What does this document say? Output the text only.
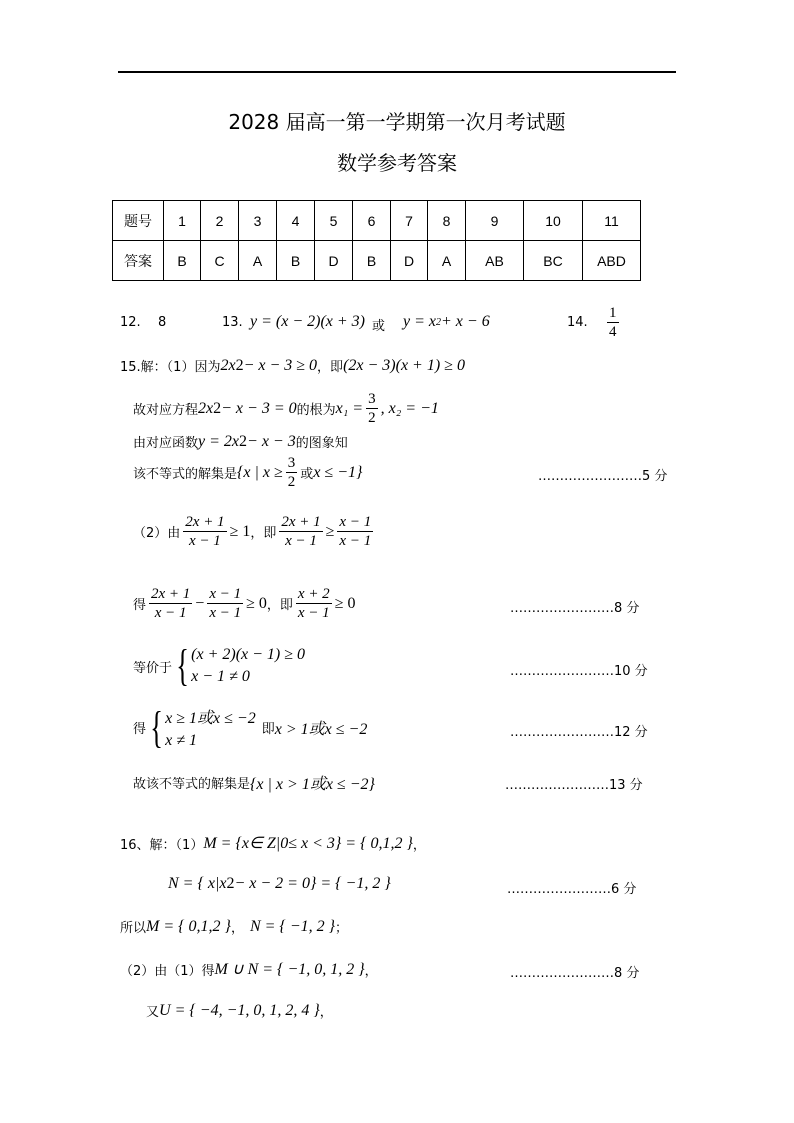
2028 届高一第一学期第一次月考试题
数学参考答案
题号	1	2	3	4	5	6	7	8	9	10	11
答案	B	C	A	B	D	B	D	A	AB	BC	ABD
12. 8	13. y = (x − 2)(x + 3) 或 y = x 2 + x − 6	14.
1
4
15.解：（1）因为 2x 2 − x − 3 ≥ 0 ，即 (2x − 3)(x + 1) ≥ 0
故对应方程 2x 2 − x − 3 = 0 的根为 $x_1 = \frac{3}{2}$ , x₂ = −1
由对应函数 y = 2x 2 − x − 3 的图象知
该不等式的解集是 {x | $x \ge \frac{3}{2}$ 或 x ≤ −1}	……………………5 分
（2）由 $\frac{2x + 1}{x - 1} \ge 1$ ，即 $\frac{2x + 1}{x - 1} \ge \frac{x - 1}{x - 1}$
得
2x + 1
x − 1
− $\frac{x - 1}{x - 1} \ge 0$ ，即 $\frac{x + 2}{x - 1} \ge 0$	……………………8 分
等价于 { (x + 2)(x − 1) ≥ 0
x − 1 ≠ 0	……………………10 分
得 { x ≥ 1或x ≤ −2
x ≠ 1
即 x > 1或x ≤ −2	……………………12 分
故该不等式的解集是 {x | x > 1或x ≤ −2}	……………………13 分
16、解：（1） M = {x∈ Z|0≤ x < 3} = { 0,1,2 } ，
N = { x|x 2 − x − 2 = 0} = { −1, 2 }	……………………6 分
所以 M = { 0,1,2 } ， N = { −1, 2 } ；
（2）由（1）得 M ∪ N = { −1, 0, 1, 2 } ，	……………………8 分
又 U = { −4, −1, 0, 1, 2, 4 } ，
